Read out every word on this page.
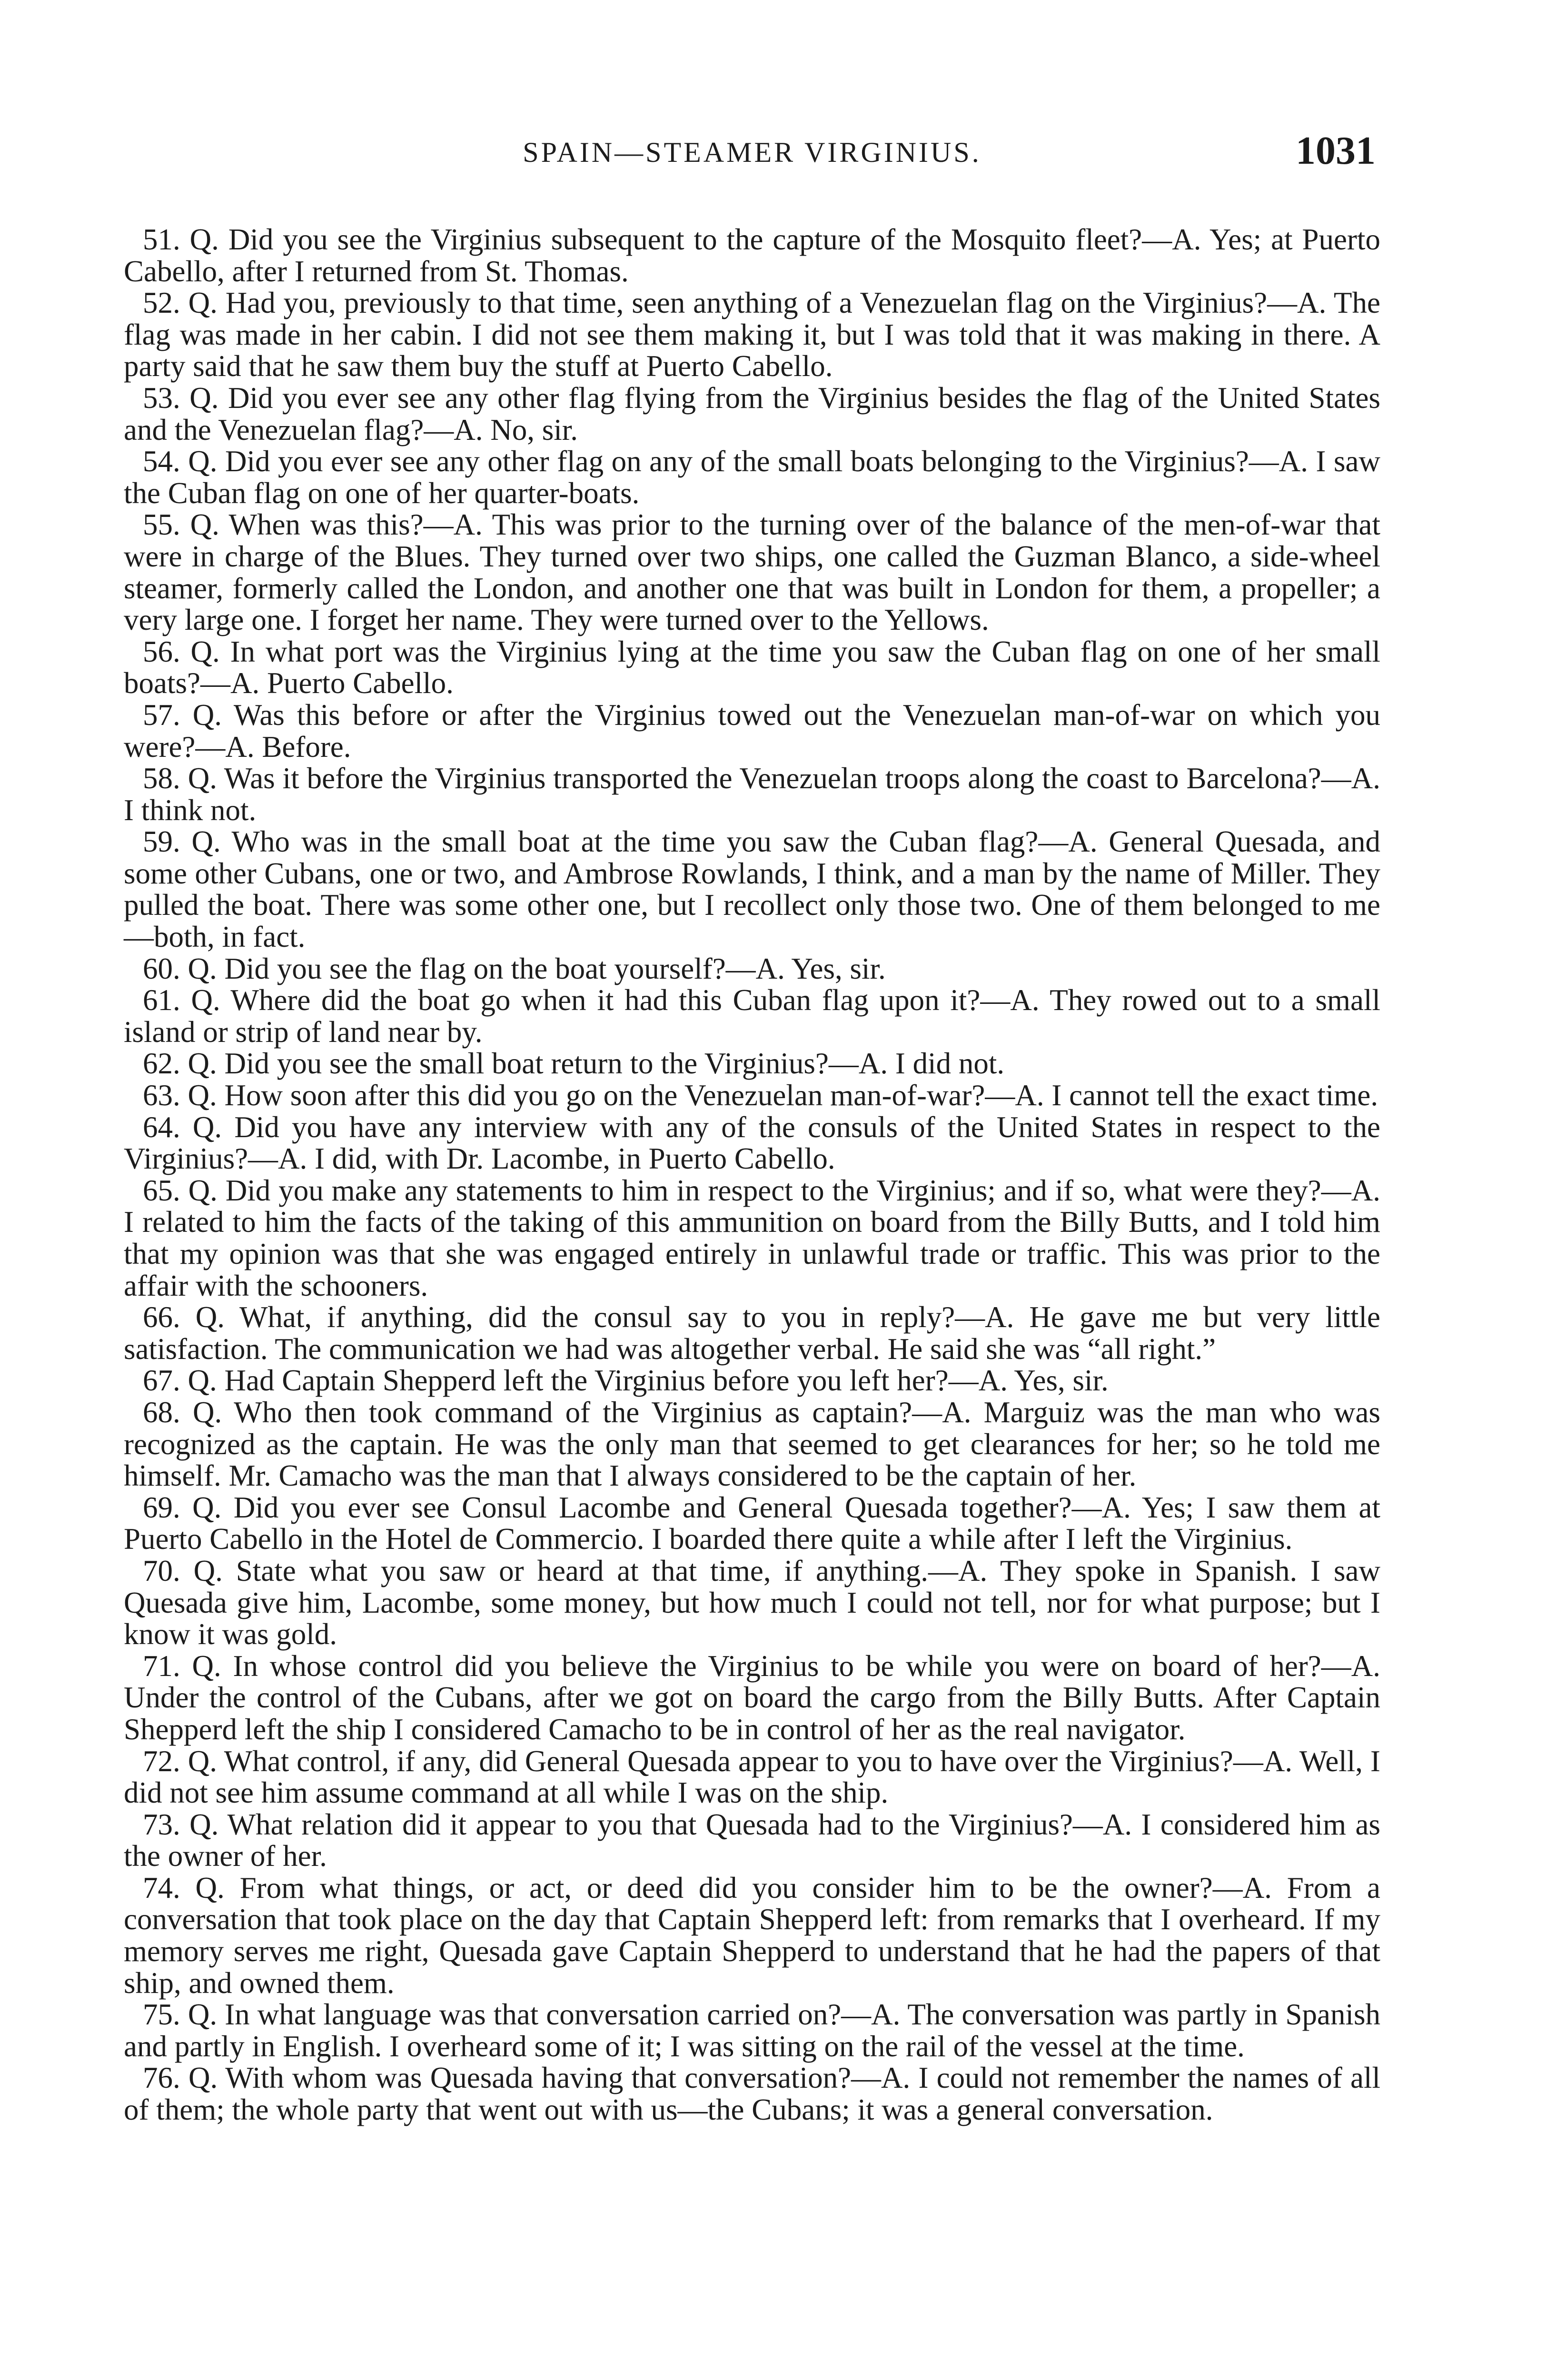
SPAIN—STEAMER VIRGINIUS.	1031

51. Q. Did you see the Virginius subsequent to the capture of the Mosquito fleet?—A. Yes; at Puerto Cabello, after I returned from St. Thomas.

52. Q. Had you, previously to that time, seen anything of a Venezuelan flag on the Virginius?—A. The flag was made in her cabin. I did not see them making it, but I was told that it was making in there. A party said that he saw them buy the stuff at Puerto Cabello.

53. Q. Did you ever see any other flag flying from the Virginius besides the flag of the United States and the Venezuelan flag?—A. No, sir.

54. Q. Did you ever see any other flag on any of the small boats belonging to the Virginius?—A. I saw the Cuban flag on one of her quarter-boats.

55. Q. When was this?—A. This was prior to the turning over of the balance of the men-of-war that were in charge of the Blues. They turned over two ships, one called the Guzman Blanco, a side-wheel steamer, formerly called the London, and another one that was built in London for them, a propeller; a very large one. I forget her name. They were turned over to the Yellows.

56. Q. In what port was the Virginius lying at the time you saw the Cuban flag on one of her small boats?—A. Puerto Cabello.

57. Q. Was this before or after the Virginius towed out the Venezuelan man-of-war on which you were?—A. Before.

58. Q. Was it before the Virginius transported the Venezuelan troops along the coast to Barcelona?—A. I think not.

59. Q. Who was in the small boat at the time you saw the Cuban flag?—A. General Quesada, and some other Cubans, one or two, and Ambrose Rowlands, I think, and a man by the name of Miller. They pulled the boat. There was some other one, but I recollect only those two. One of them belonged to me—both, in fact.

60. Q. Did you see the flag on the boat yourself?—A. Yes, sir.

61. Q. Where did the boat go when it had this Cuban flag upon it?—A. They rowed out to a small island or strip of land near by.

62. Q. Did you see the small boat return to the Virginius?—A. I did not.

63. Q. How soon after this did you go on the Venezuelan man-of-war?—A. I cannot tell the exact time.

64. Q. Did you have any interview with any of the consuls of the United States in respect to the Virginius?—A. I did, with Dr. Lacombe, in Puerto Cabello.

65. Q. Did you make any statements to him in respect to the Virginius; and if so, what were they?—A. I related to him the facts of the taking of this ammunition on board from the Billy Butts, and I told him that my opinion was that she was engaged entirely in unlawful trade or traffic. This was prior to the affair with the schooners.

66. Q. What, if anything, did the consul say to you in reply?—A. He gave me but very little satisfaction. The communication we had was altogether verbal. He said she was “all right.”

67. Q. Had Captain Shepperd left the Virginius before you left her?—A. Yes, sir.

68. Q. Who then took command of the Virginius as captain?—A. Marguiz was the man who was recognized as the captain. He was the only man that seemed to get clearances for her; so he told me himself. Mr. Camacho was the man that I always considered to be the captain of her.

69. Q. Did you ever see Consul Lacombe and General Quesada together?—A. Yes; I saw them at Puerto Cabello in the Hotel de Commercio. I boarded there quite a while after I left the Virginius.

70. Q. State what you saw or heard at that time, if anything.—A. They spoke in Spanish. I saw Quesada give him, Lacombe, some money, but how much I could not tell, nor for what purpose; but I know it was gold.

71. Q. In whose control did you believe the Virginius to be while you were on board of her?—A. Under the control of the Cubans, after we got on board the cargo from the Billy Butts. After Captain Shepperd left the ship I considered Camacho to be in control of her as the real navigator.

72. Q. What control, if any, did General Quesada appear to you to have over the Virginius?—A. Well, I did not see him assume command at all while I was on the ship.

73. Q. What relation did it appear to you that Quesada had to the Virginius?—A. I considered him as the owner of her.

74. Q. From what things, or act, or deed did you consider him to be the owner?—A. From a conversation that took place on the day that Captain Shepperd left: from remarks that I overheard. If my memory serves me right, Quesada gave Captain Shepperd to understand that he had the papers of that ship, and owned them.

75. Q. In what language was that conversation carried on?—A. The conversation was partly in Spanish and partly in English. I overheard some of it; I was sitting on the rail of the vessel at the time.

76. Q. With whom was Quesada having that conversation?—A. I could not remember the names of all of them; the whole party that went out with us—the Cubans; it was a general conversation.
